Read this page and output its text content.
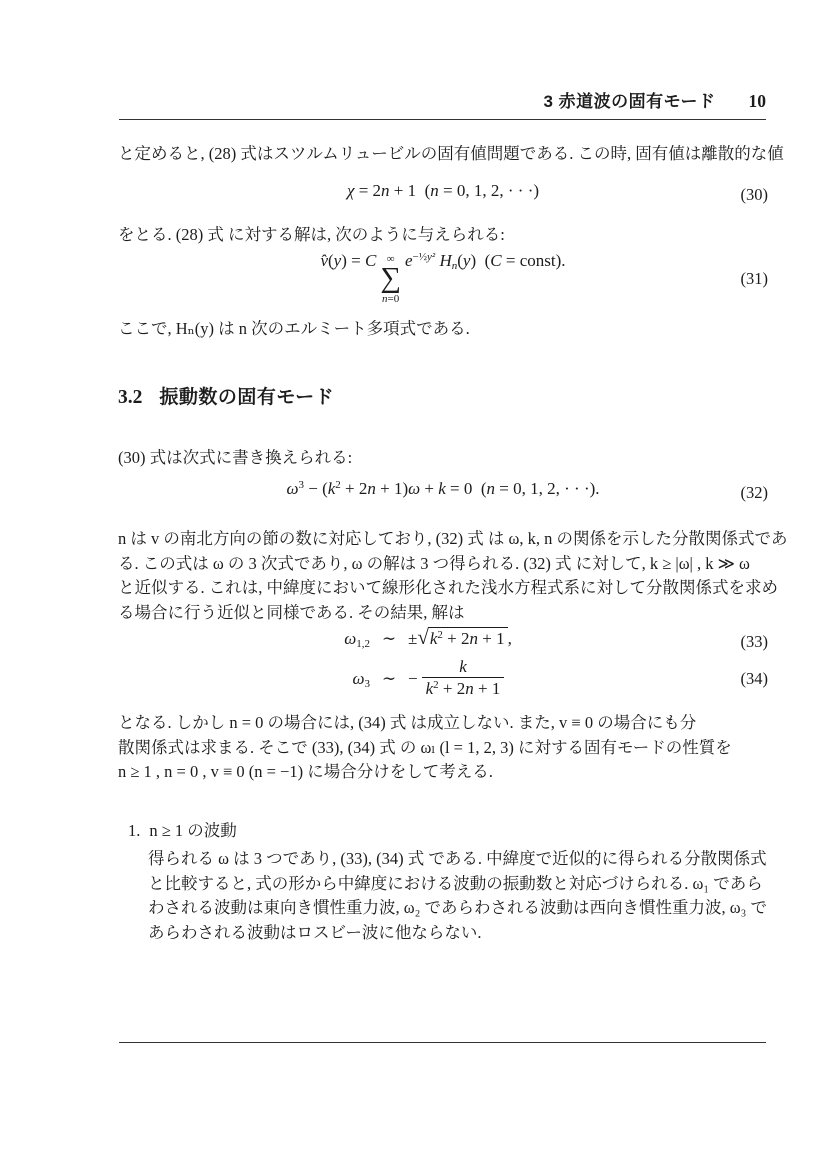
3 赤道波の固有モード 10
と定めると, (28) 式はスツルムリュービルの固有値問題である. この時, 固有値は離散的な値
χ = 2n + 1  (n = 0, 1, 2, · · ·)	(30)
をとる. (28) 式 に対する解は, 次のように与えられる:
v̂(y) = C ∞
∑
n=0
$e^{-\frac{1}{2}y^2}$ Hn(y) (C = const).
(31)
ここで, Hₙ(y) は n 次のエルミート多項式である.
3.2 振動数の固有モード
(30) 式は次式に書き換えられる:
$\omega^3 - (k^2 + 2n + 1)\omega + k = 0$  (n = 0, 1, 2, · · ·).	(32)
n は v の南北方向の節の数に対応しており, (32) 式 は ω, k, n の関係を示した分散関係式であ
る. この式は ω の 3 次式であり, ω の解は 3 つ得られる. (32) 式 に対して, k ≥ |ω| , k ≫ ω
と近似する. これは, 中緯度において線形化された浅水方程式系に対して分散関係式を求め
る場合に行う近似と同様である. その結果, 解は
ω1,2 ∼ ± √ $k^2 + 2n + 1$ ,	(33)
ω3 ∼ − $\frac{k}{k^2 + 2n + 1}$	(34)
となる. しかし n = 0 の場合には, (34) 式 は成立しない. また, v ≡ 0 の場合にも分
散関係式は求まる. そこで (33), (34) 式 の ωₗ (l = 1, 2, 3) に対する固有モードの性質を
n ≥ 1 , n = 0 , v ≡ 0 (n = −1) に場合分けをして考える.
1. n ≥ 1 の波動
得られる ω は 3 つであり, (33), (34) 式 である. 中緯度で近似的に得られる分散関係式
と比較すると, 式の形から中緯度における波動の振動数と対応づけられる. ω₁ であら
わされる波動は東向き慣性重力波, ω₂ であらわされる波動は西向き慣性重力波, ω₃ で
あらわされる波動はロスビー波に他ならない.
